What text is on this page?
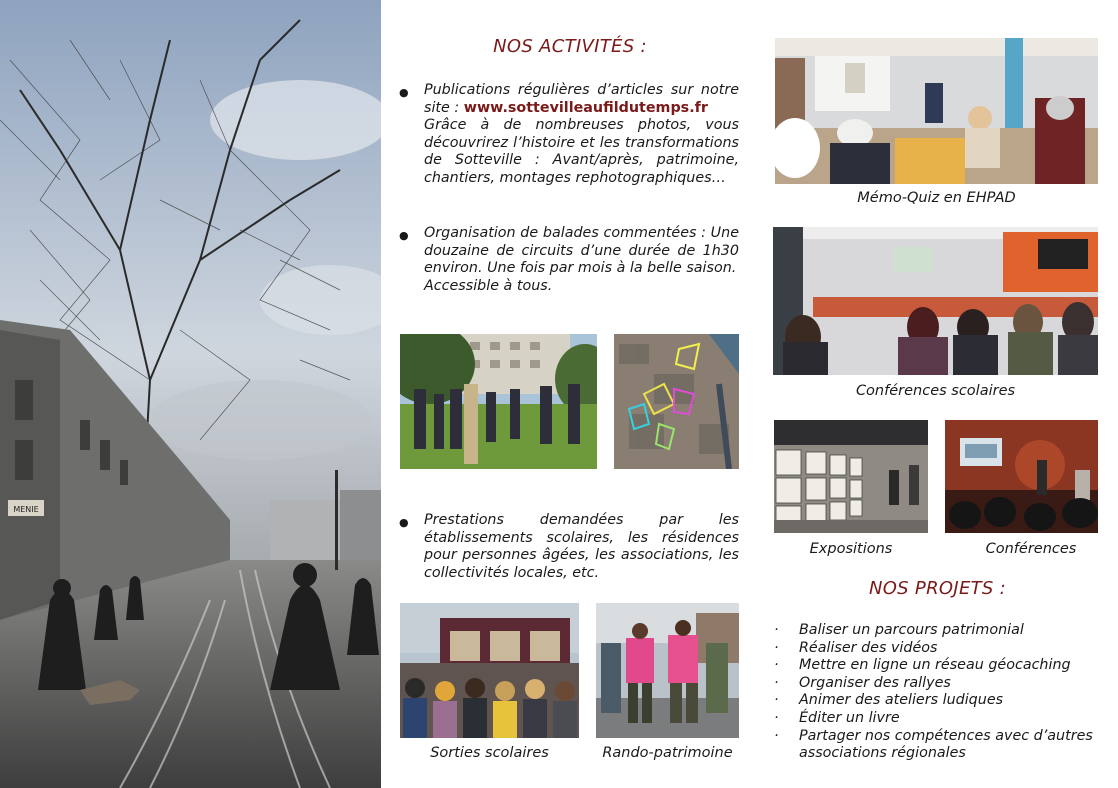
MENIE
NOS ACTIVITÉS :
● Publications régulières d’articles sur notre site : www.sottevilleaufildutemps.fr
Grâce à de nombreuses photos, vous découvrirez l’histoire et les transformations de Sotteville : Avant/après, patrimoine, chantiers, montages rephotographiques…
● Organisation de balades commentées : Une douzaine de circuits d’une durée de 1h30 environ. Une fois par mois à la belle saison.
Accessible à tous.
● Prestations demandées par les établissements scolaires, les résidences pour personnes âgées, les associations, les collectivités locales, etc.
Sorties scolaires	Rando-patrimoine
Mémo-Quiz en EHPAD
Conférences scolaires
Expositions	Conférences
NOS PROJETS :
· Baliser un parcours patrimonial
· Réaliser des vidéos
· Mettre en ligne un réseau géocaching
· Organiser des rallyes
· Animer des ateliers ludiques
· Éditer un livre
· Partager nos compétences avec d’autres associations régionales
